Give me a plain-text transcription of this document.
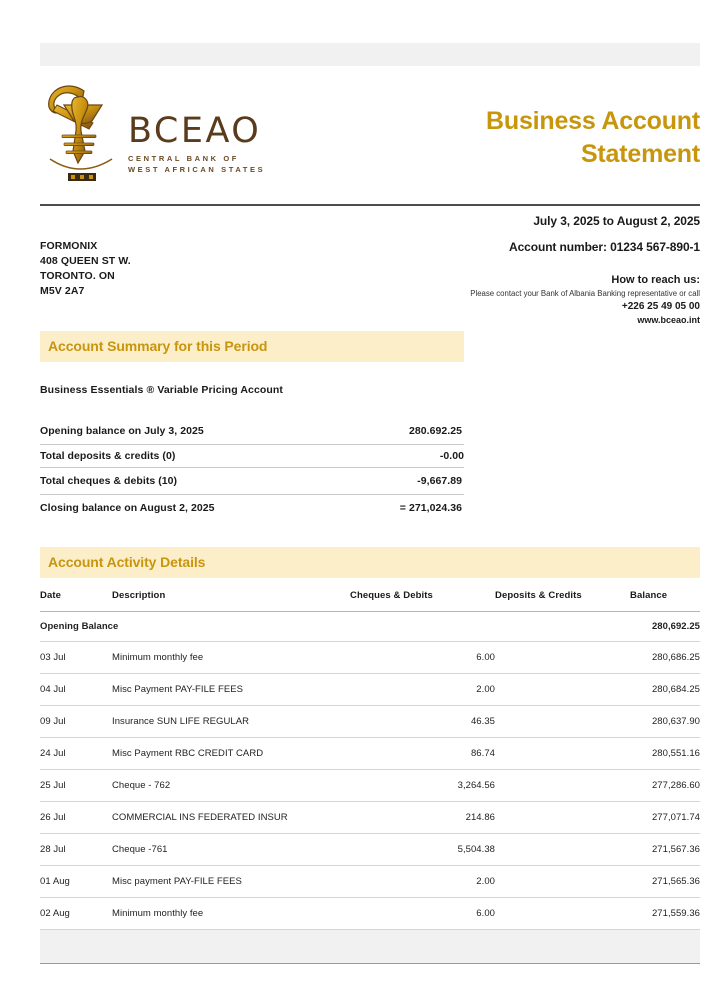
BCEAO
CENTRAL BANK OF
WEST AFRICAN STATES
Business Account
Statement
FORMONIX
408 QUEEN ST W.
TORONTO. ON
M5V 2A7
July 3, 2025 to August 2, 2025
Account number: 01234 567-890-1
How to reach us:
Please contact your Bank of Albania Banking representative or call
+226 25 49 05 00
www.bceao.int
Account Summary for this Period
Business Essentials ® Variable Pricing Account
Opening balance on July 3, 2025	280.692.25
Total deposits & credits (0)	-0.00
Total cheques & debits (10)	-9,667.89
Closing balance on August 2, 2025	= 271,024.36
Account Activity Details
Date	Description	Cheques & Debits	Deposits & Credits	Balance
Opening Balance				280,692.25
03 Jul	Minimum monthly fee	6.00		280,686.25
04 Jul	Misc Payment PAY-FILE FEES	2.00		280,684.25
09 Jul	Insurance SUN LIFE REGULAR	46.35		280,637.90
24 Jul	Misc Payment RBC CREDIT CARD	86.74		280,551.16
25 Jul	Cheque - 762	3,264.56		277,286.60
26 Jul	COMMERCIAL INS FEDERATED INSUR	214.86		277,071.74
28 Jul	Cheque -761	5,504.38		271,567.36
01 Aug	Misc payment PAY-FILE FEES	2.00		271,565.36
02 Aug	Minimum monthly fee	6.00		271,559.36
